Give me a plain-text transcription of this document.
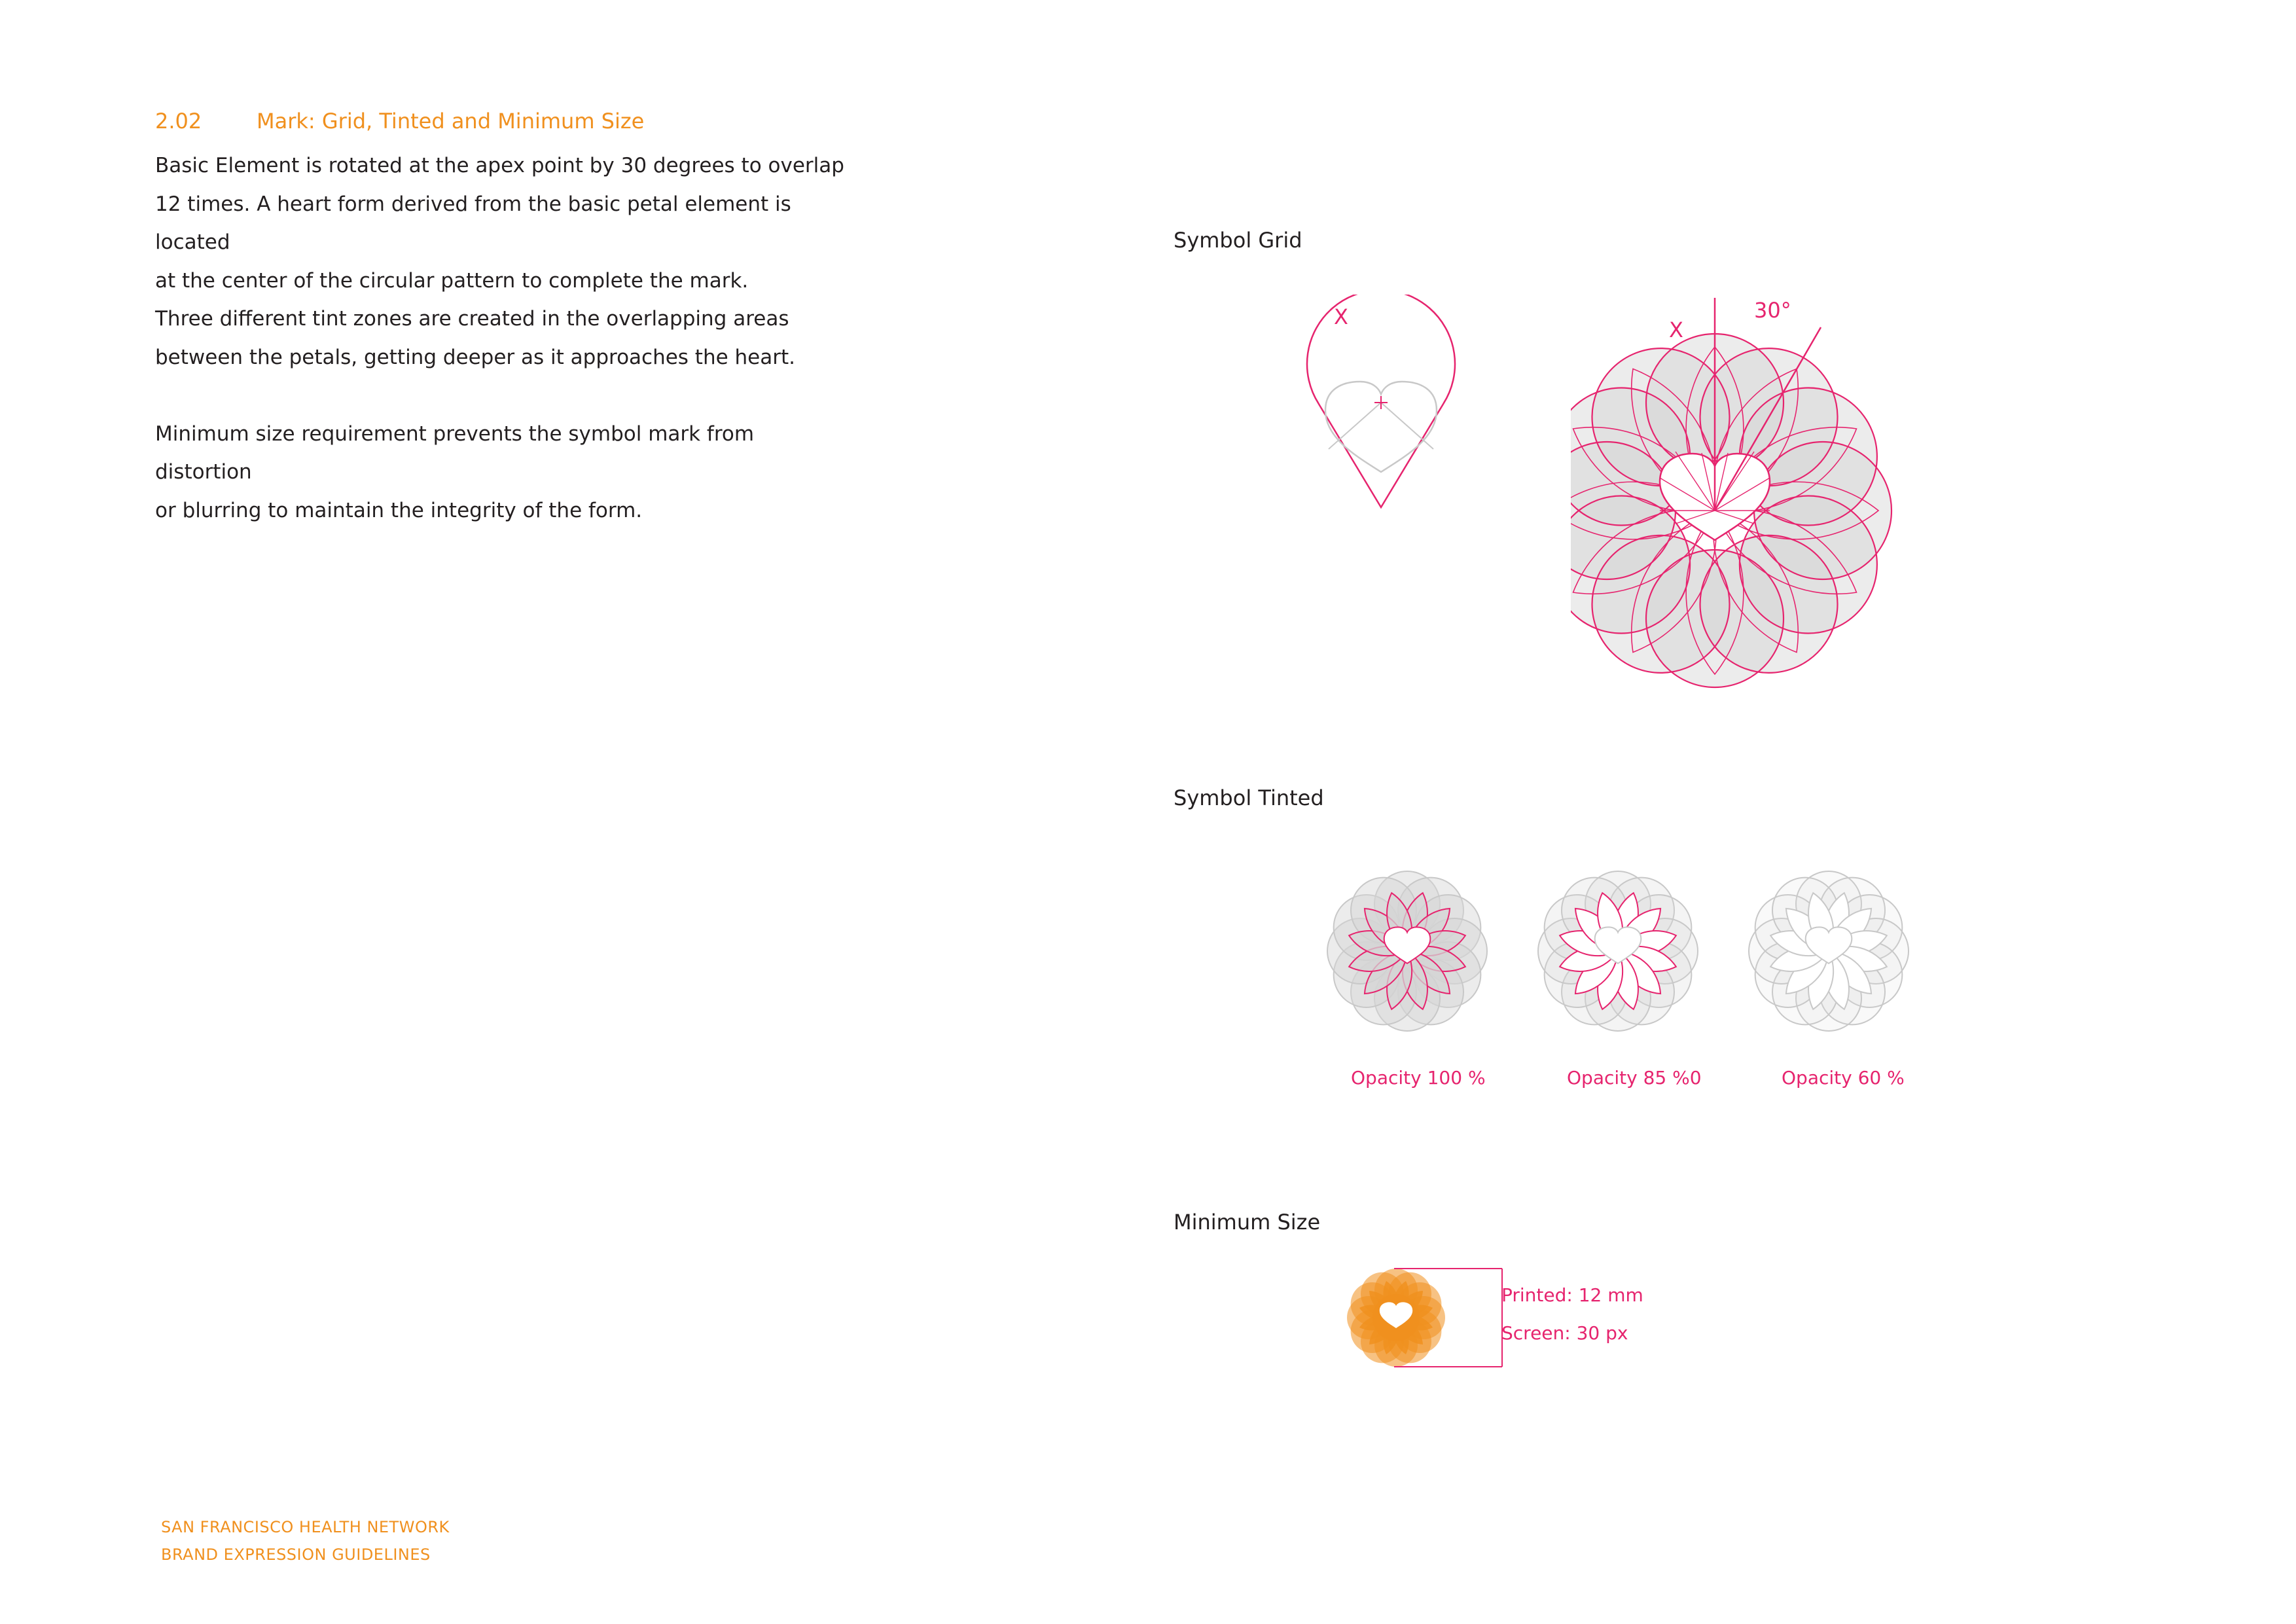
2.02	Mark: Grid, Tinted and Minimum Size

Basic Element is rotated at the apex point by 30 degrees to overlap

12 times. A heart form derived from the basic petal element is located

at the center of the circular pattern to complete the mark.

Three different tint zones are created in the overlapping areas

between the petals, getting deeper as it approaches the heart.

Minimum size requirement prevents the symbol mark from distortion

or blurring to maintain the integrity of the form.

Symbol Grid
Symbol Tinted
Minimum Size
X
X
30°
Opacity 100 %	Opacity 85 %0	Opacity 60 %
Printed: 12 mm
Screen: 30 px
SAN FRANCISCO HEALTH NETWORK
BRAND EXPRESSION GUIDELINES
